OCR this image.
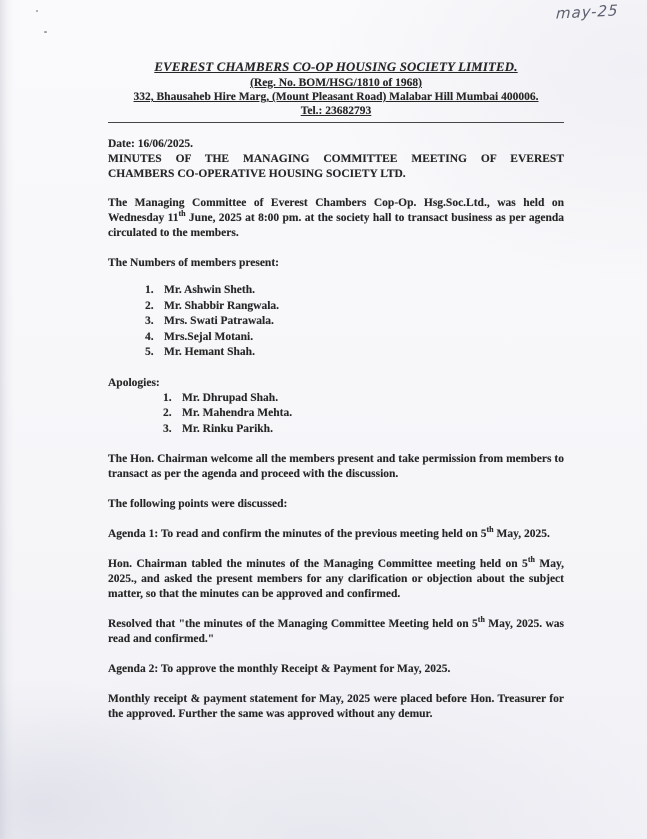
may-25
EVEREST CHAMBERS CO-OP HOUSING SOCIETY LIMITED.
(Reg. No. BOM/HSG/1810 of 1968)
332, Bhausaheb Hire Marg, (Mount Pleasant Road) Malabar Hill Mumbai 400006.
Tel.: 23682793

Date: 16/06/2025.

MINUTES OF THE MANAGING COMMITTEE MEETING OF EVEREST
CHAMBERS CO-OPERATIVE HOUSING SOCIETY LTD.

The Managing Committee of Everest Chambers Cop-Op. Hsg.Soc.Ltd., was held on Wednesday 11th June, 2025 at 8:00 pm. at the society hall to transact business as per agenda circulated to the members.

The Numbers of members present:

1. Mr. Ashwin Sheth.
2. Mr. Shabbir Rangwala.
3. Mrs. Swati Patrawala.
4. Mrs.Sejal Motani.
5. Mr. Hemant Shah.

Apologies:

1. Mr. Dhrupad Shah.
2. Mr. Mahendra Mehta.
3. Mr. Rinku Parikh.

The Hon. Chairman welcome all the members present and take permission from members to transact as per the agenda and proceed with the discussion.

The following points were discussed:

Agenda 1: To read and confirm the minutes of the previous meeting held on 5th May, 2025.

Hon. Chairman tabled the minutes of the Managing Committee meeting held on 5th May, 2025., and asked the present members for any clarification or objection about the subject matter, so that the minutes can be approved and confirmed.

Resolved that "the minutes of the Managing Committee Meeting held on 5th May, 2025. was read and confirmed."

Agenda 2: To approve the monthly Receipt & Payment for May, 2025.

Monthly receipt & payment statement for May, 2025 were placed before Hon. Treasurer for the approved. Further the same was approved without any demur.
